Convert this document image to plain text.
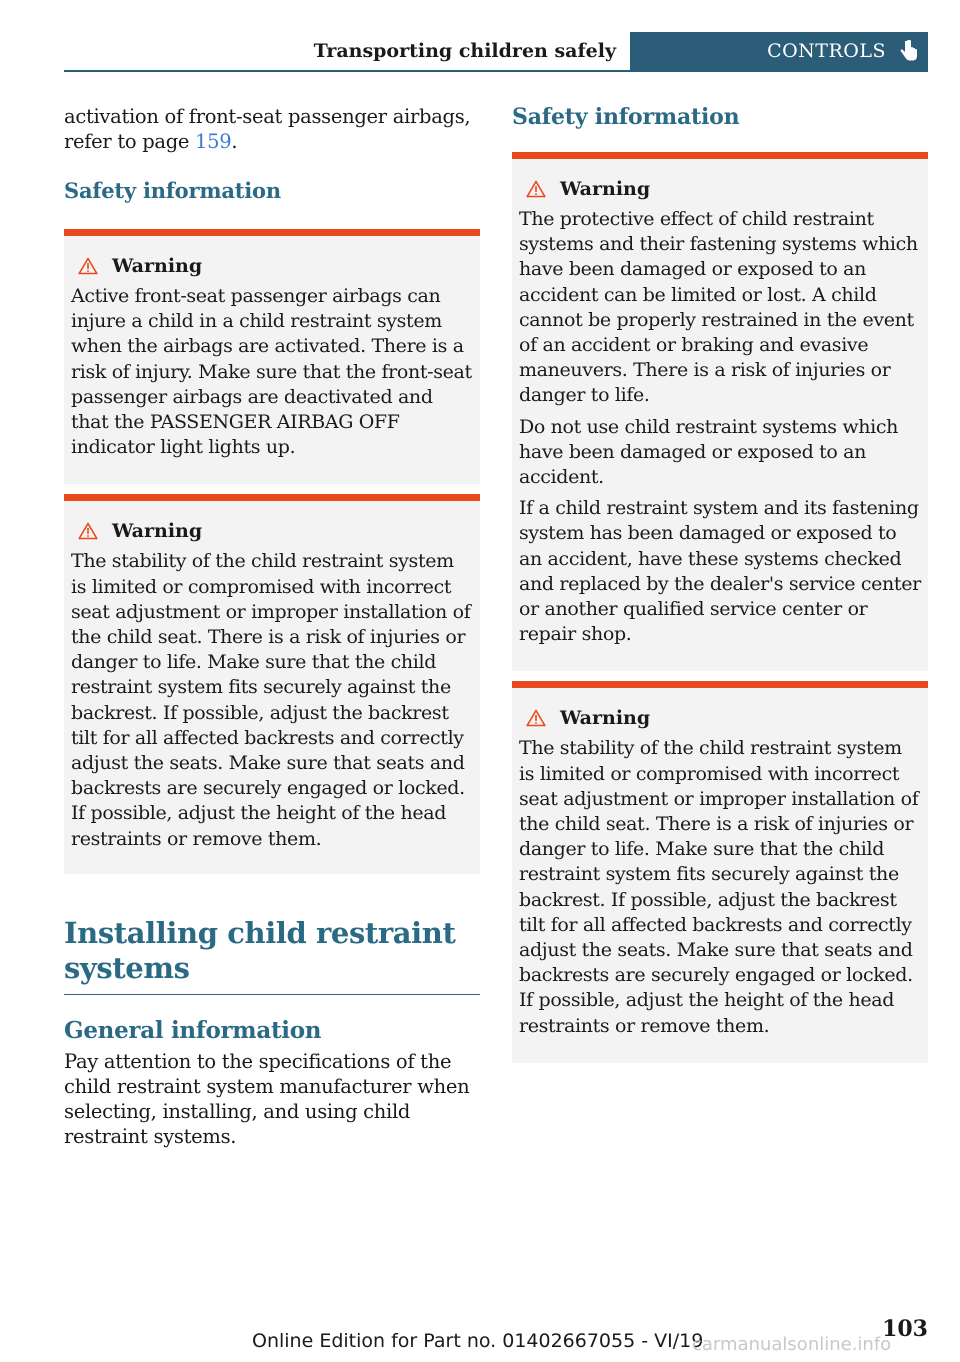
Transporting children safely	CONTROLS

activation of front-seat passenger airbags, refer to page 159.

Safety information
Warning

Active front-seat passenger airbags can injure a child in a child restraint system when the airbags are activated. There is a risk of injury. Make sure that the front-seat passenger airbags are deactivated and that the PASSENGER AIRBAG OFF indicator light lights up.

Warning

The stability of the child restraint system is limited or compromised with incorrect seat adjustment or improper installation of the child seat. There is a risk of injuries or danger to life. Make sure that the child restraint system fits securely against the backrest. If possible, adjust the backrest tilt for all affected backrests and correctly adjust the seats. Make sure that seats and backrests are securely engaged or locked. If possible, adjust the height of the head restraints or remove them.

Installing child restraint systems
General information

Pay attention to the specifications of the child restraint system manufacturer when selecting, installing, and using child restraint systems.

Safety information
Warning

The protective effect of child restraint systems and their fastening systems which have been damaged or exposed to an accident can be limited or lost. A child cannot be properly restrained in the event of an accident or braking and evasive maneuvers. There is a risk of injuries or danger to life.

Do not use child restraint systems which have been damaged or exposed to an accident.

If a child restraint system and its fastening system has been damaged or exposed to an accident, have these systems checked and replaced by the dealer's service center or another qualified service center or repair shop.

Warning

The stability of the child restraint system is limited or compromised with incorrect seat adjustment or improper installation of the child seat. There is a risk of injuries or danger to life. Make sure that the child restraint system fits securely against the backrest. If possible, adjust the backrest tilt for all affected backrests and correctly adjust the seats. Make sure that seats and backrests are securely engaged or locked. If possible, adjust the height of the head restraints or remove them.

103
Online Edition for Part no. 01402667055 - VI/19
carmanualsonline.info
